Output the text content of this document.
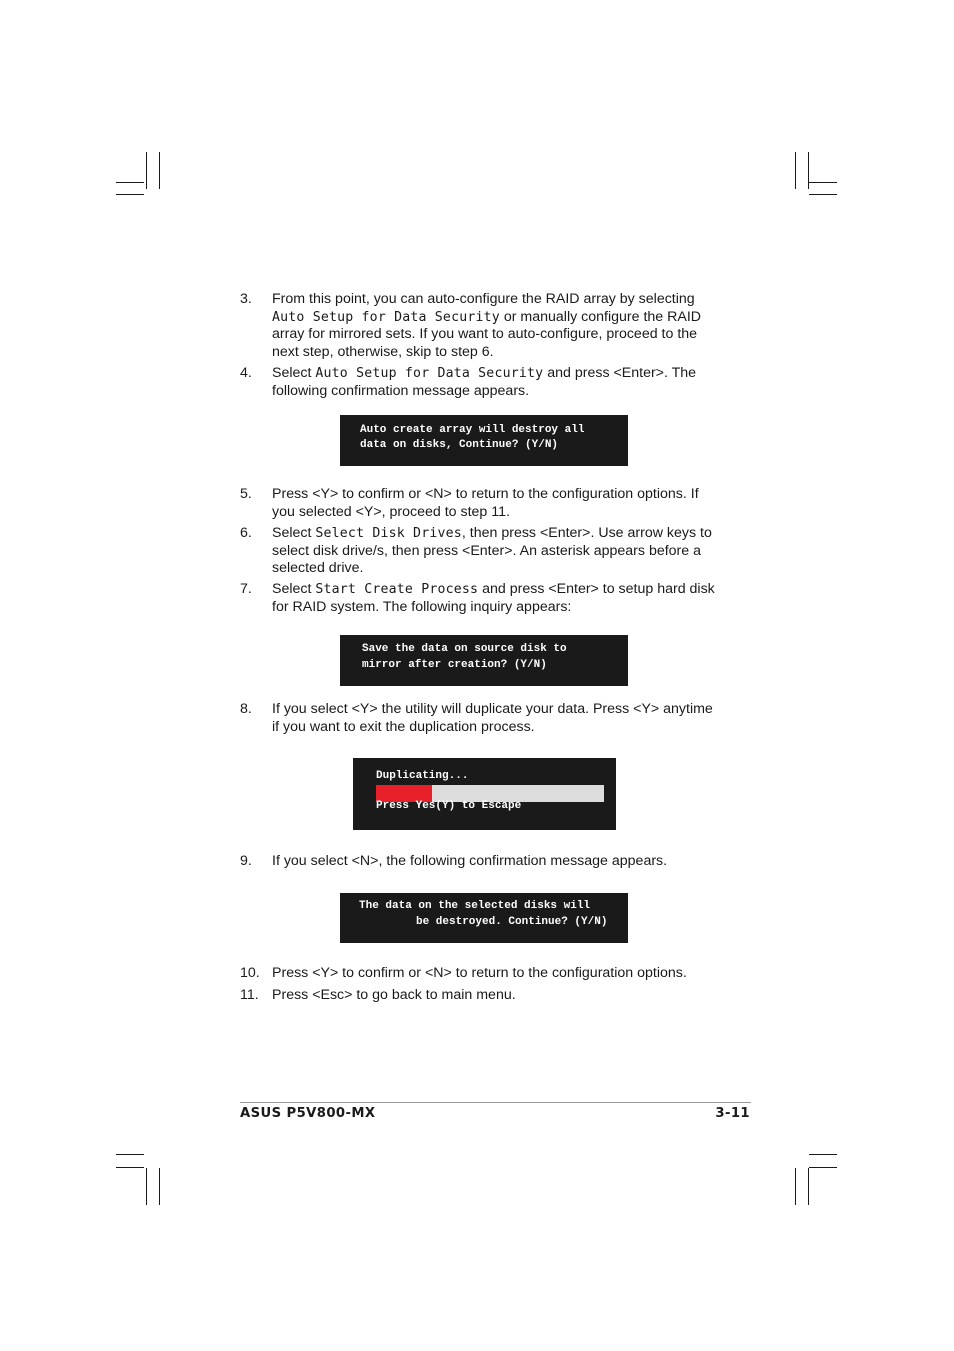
3. From this point, you can auto-configure the RAID array by selecting Auto Setup for Data Security or manually configure the RAID array for mirrored sets. If you want to auto-configure, proceed to the next step, otherwise, skip to step 6.
4. Select Auto Setup for Data Security and press <Enter>. The following confirmation message appears.
Auto create array will destroy all
data on disks, Continue? (Y/N)
5. Press <Y> to confirm or <N> to return to the configuration options. If you selected <Y>, proceed to step 11.
6. Select Select Disk Drives, then press <Enter>. Use arrow keys to select disk drive/s, then press <Enter>. An asterisk appears before a selected drive.
7. Select Start Create Process and press <Enter> to setup hard disk for RAID system. The following inquiry appears:
Save the data on source disk to
mirror after creation? (Y/N)
8. If you select <Y> the utility will duplicate your data. Press <Y> anytime if you want to exit the duplication process.
Duplicating...
Press Yes(Y) to Escape
9. If you select <N>, the following confirmation message appears.
The data on the selected disks will
be destroyed. Continue? (Y/N)
10. Press <Y> to confirm or <N> to return to the configuration options.
11. Press <Esc> to go back to main menu.
ASUS P5V800-MX	3-11
